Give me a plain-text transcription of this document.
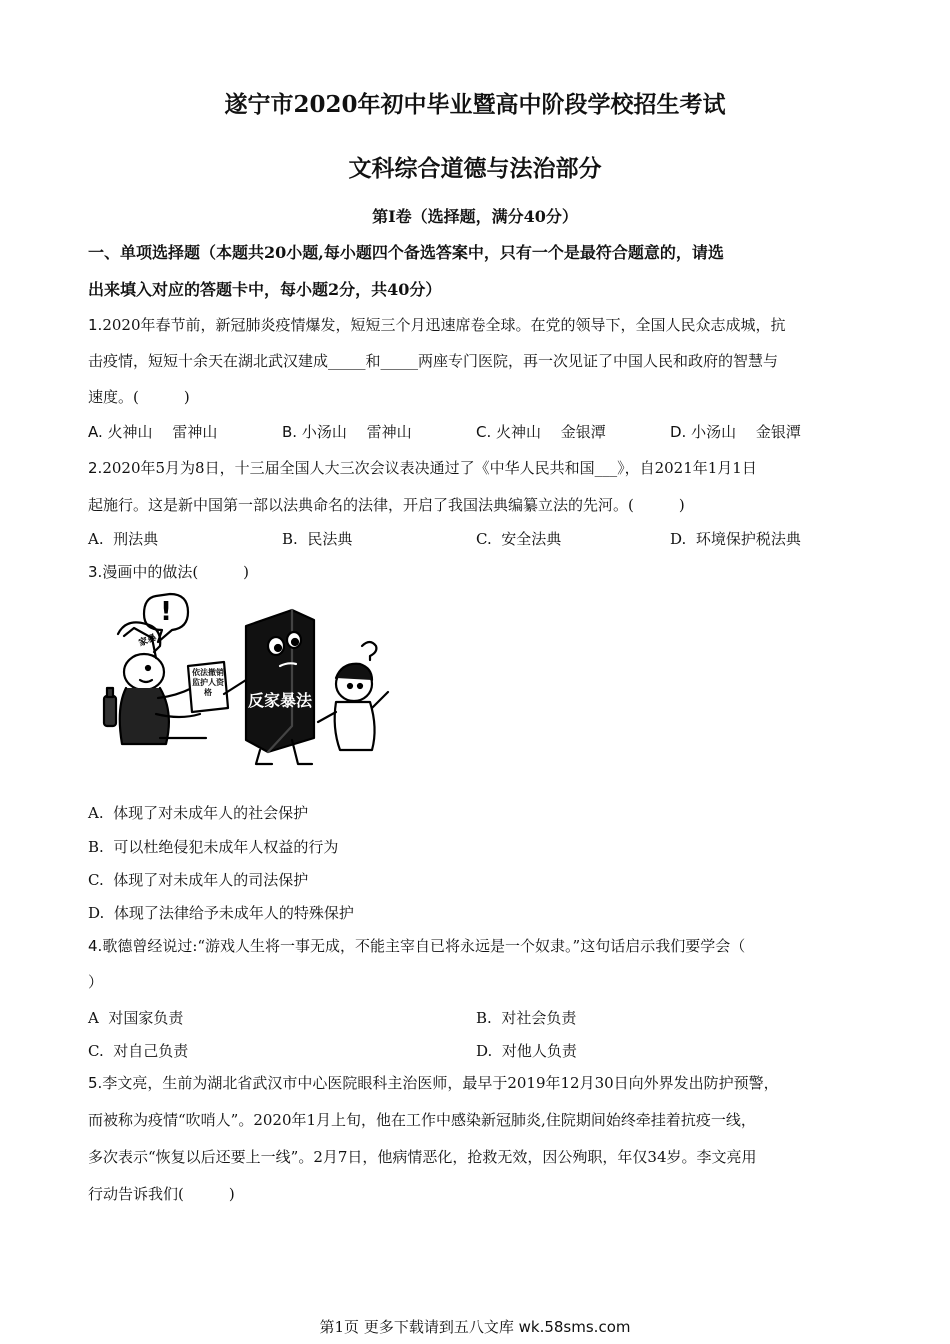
遂宁市2020年初中毕业暨高中阶段学校招生考试
文科综合道德与法治部分
第Ⅰ卷（选择题，满分40分）
一、单项选择题（本题共20小题,每小题四个备选答案中，只有一个是最符合题意的，请选
出来填入对应的答题卡中，每小题2分，共40分）
1.2020年春节前，新冠肺炎疫情爆发，短短三个月迅速席卷全球。在党的领导下，全国人民众志成城，抗
击疫情，短短十余天在湖北武汉建成_____和_____两座专门医院，再一次见证了中国人民和政府的智慧与
速度。(　　　)
A. 火神山　 雷神山	B. 小汤山　 雷神山	C. 火神山　 金银潭	D. 小汤山　 金银潭
2.2020年5月为8日，十三届全国人大三次会议表决通过了《中华人民共和国___》，自2021年1月1日
起施行。这是新中国第一部以法典命名的法律，开启了我国法典编纂立法的先河。(　　　)
A. 刑法典	B. 民法典	C. 安全法典	D. 环境保护税法典
3.漫画中的做法(　　　)
!
家暴
依法撤销监护人资格	反家暴法
A. 体现了对未成年人的社会保护
B. 可以杜绝侵犯未成年人权益的行为
C. 体现了对未成年人的司法保护
D. 体现了法律给予未成年人的特殊保护
4.歌德曾经说过:“游戏人生将一事无成，不能主宰自已将永远是一个奴隶。”这句话启示我们要学会（
）
A 对国家负责	B. 对社会负责
C. 对自己负责	D. 对他人负责
5.李文亮，生前为湖北省武汉市中心医院眼科主治医师，最早于2019年12月30日向外界发出防护预警，
而被称为疫情“吹哨人”。2020年1月上旬，他在工作中感染新冠肺炎,住院期间始终牵挂着抗疫一线，
多次表示“恢复以后还要上一线”。2月7日，他病情恶化，抢救无效，因公殉职，年仅34岁。李文亮用
行动告诉我们(　　　)
第1页 更多下载请到五八文库 wk.58sms.com
